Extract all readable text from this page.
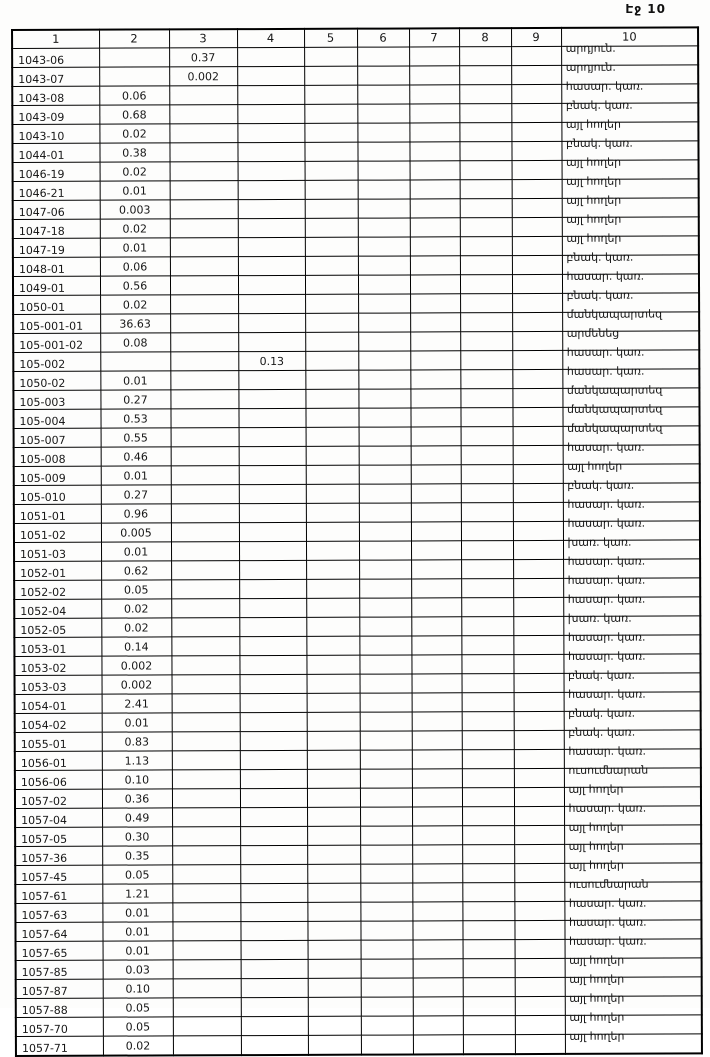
Էջ 10
1	2	3	4	5	6	7	8	9	10
1043-06		0.37							արդյուն.
1043-07		0.002							արդյուն.
1043-08	0.06								հասար. կառ.
1043-09	0.68								բնակ. կառ.
1043-10	0.02								այլ հողեր
1044-01	0.38								բնակ. կառ.
1046-19	0.02								այլ հողեր
1046-21	0.01								այլ հողեր
1047-06	0.003								այլ հողեր
1047-18	0.02								այլ հողեր
1047-19	0.01								այլ հողեր
1048-01	0.06								բնակ. կառ.
1049-01	0.56								հասար. կառ.
1050-01	0.02								բնակ. կառ.
105-001-01	36.63								մանկապարտեզ
105-001-02	0.08								արմենեց
105-002			0.13						հասար. կառ.
1050-02	0.01								հասար. կառ.
105-003	0.27								մանկապարտեզ
105-004	0.53								մանկապարտեզ
105-007	0.55								մանկապարտեզ
105-008	0.46								հասար. կառ.
105-009	0.01								այլ հողեր
105-010	0.27								բնակ. կառ.
1051-01	0.96								հասար. կառ.
1051-02	0.005								հասար. կառ.
1051-03	0.01								խառ. կառ.
1052-01	0.62								հասար. կառ.
1052-02	0.05								հասար. կառ.
1052-04	0.02								հասար. կառ.
1052-05	0.02								խառ. կառ.
1053-01	0.14								հասար. կառ.
1053-02	0.002								հասար. կառ.
1053-03	0.002								բնակ. կառ.
1054-01	2.41								հասար. կառ.
1054-02	0.01								բնակ. կառ.
1055-01	0.83								բնակ. կառ.
1056-01	1.13								հասար. կառ.
1056-06	0.10								ուսումնարան
1057-02	0.36								այլ հողեր
1057-04	0.49								հասար. կառ.
1057-05	0.30								այլ հողեր
1057-36	0.35								այլ հողեր
1057-45	0.05								այլ հողեր
1057-61	1.21								ուսումնարան
1057-63	0.01								հասար. կառ.
1057-64	0.01								հասար. կառ.
1057-65	0.01								հասար. կառ.
1057-85	0.03								այլ հողեր
1057-87	0.10								այլ հողեր
1057-88	0.05								այլ հողեր
1057-70	0.05								այլ հողեր
1057-71	0.02								այլ հողեր
